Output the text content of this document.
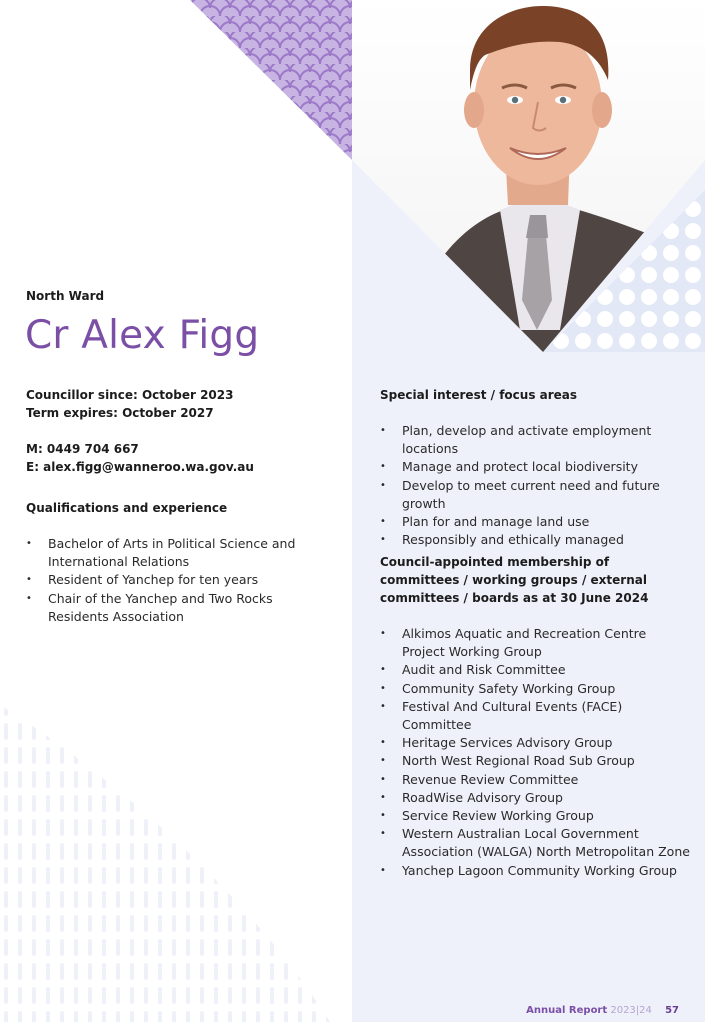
North Ward

Cr Alex Figg
Councillor since: October 2023
Term expires: October 2027
M: 0449 704 667
E: alex.figg@wanneroo.wa.gov.au

Qualifications and experience

• Bachelor of Arts in Political Science and International Relations
• Resident of Yanchep for ten years
• Chair of the Yanchep and Two Rocks Residents Association

Special interest / focus areas

• Plan, develop and activate employment locations
• Manage and protect local biodiversity
• Develop to meet current need and future growth
• Plan for and manage land use
• Responsibly and ethically managed

Council-appointed membership of committees / working groups / external committees / boards as at 30 June 2024

• Alkimos Aquatic and Recreation Centre Project Working Group
• Audit and Risk Committee
• Community Safety Working Group
• Festival And Cultural Events (FACE) Committee
• Heritage Services Advisory Group
• North West Regional Road Sub Group
• Revenue Review Committee
• RoadWise Advisory Group
• Service Review Working Group
• Western Australian Local Government Association (WALGA) North Metropolitan Zone
• Yanchep Lagoon Community Working Group
Annual Report 2023|24 57
